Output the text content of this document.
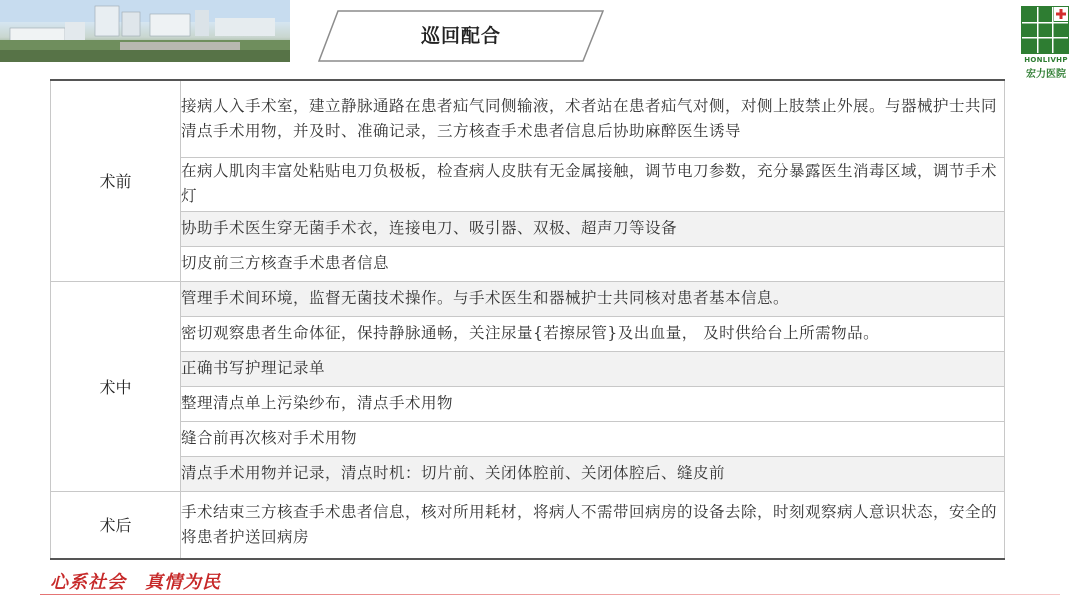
巡回配合
HONLIVHP
宏力医院
术前	接病人入手术室，建立静脉通路在患者疝气同侧输液，术者站在患者疝气对侧，对侧上肢禁止外展。与器械护士共同清点手术用物，并及时、准确记录，三方核查手术患者信息后协助麻醉医生诱导
	在病人肌肉丰富处粘贴电刀负极板，检查病人皮肤有无金属接触，调节电刀参数，充分暴露医生消毒区域，调节手术灯
	协助手术医生穿无菌手术衣，连接电刀、吸引器、双极、超声刀等设备
	切皮前三方核查手术患者信息
术中	管理手术间环境，监督无菌技术操作。与手术医生和器械护士共同核对患者基本信息。
	密切观察患者生命体征，保持静脉通畅，关注尿量{若擦尿管}及出血量， 及时供给台上所需物品。
	正确书写护理记录单
	整理清点单上污染纱布，清点手术用物
	缝合前再次核对手术用物
	清点手术用物并记录，清点时机：切片前、关闭体腔前、关闭体腔后、缝皮前
术后	手术结束三方核查手术患者信息，核对所用耗材，将病人不需带回病房的设备去除，时刻观察病人意识状态，安全的将患者护送回病房
心系社会　真情为民
